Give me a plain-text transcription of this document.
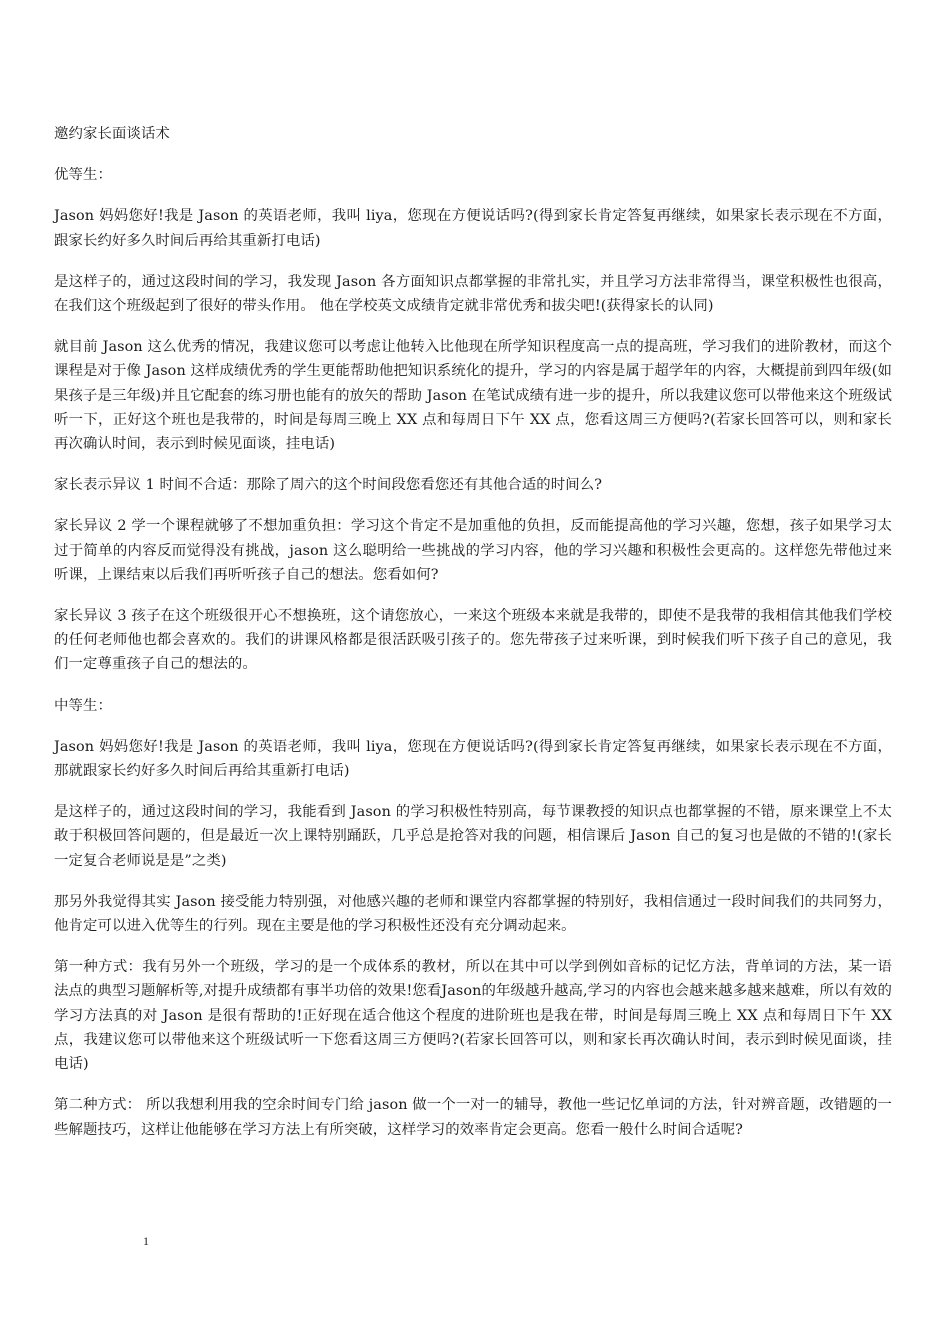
邀约家长面谈话术

优等生：

Jason 妈妈您好!我是 Jason 的英语老师，我叫 liya，您现在方便说话吗?(得到家长肯定答复再继续，如果家长表示现在不方面，跟家长约好多久时间后再给其重新打电话)

是这样子的，通过这段时间的学习，我发现 Jason 各方面知识点都掌握的非常扎实，并且学习方法非常得当，课堂积极性也很高，在我们这个班级起到了很好的带头作用。 他在学校英文成绩肯定就非常优秀和拔尖吧!(获得家长的认同)

就目前 Jason 这么优秀的情况，我建议您可以考虑让他转入比他现在所学知识程度高一点的提高班，学习我们的进阶教材，而这个课程是对于像 Jason 这样成绩优秀的学生更能帮助他把知识系统化的提升，学习的内容是属于超学年的内容，大概提前到四年级(如果孩子是三年级)并且它配套的练习册也能有的放矢的帮助 Jason 在笔试成绩有进一步的提升，所以我建议您可以带他来这个班级试听一下，正好这个班也是我带的，时间是每周三晚上 XX 点和每周日下午 XX 点，您看这周三方便吗?(若家长回答可以，则和家长再次确认时间，表示到时候见面谈，挂电话)

家长表示异议 1 时间不合适：那除了周六的这个时间段您看您还有其他合适的时间么?

家长异议 2 学一个课程就够了不想加重负担：学习这个肯定不是加重他的负担，反而能提高他的学习兴趣，您想，孩子如果学习太过于简单的内容反而觉得没有挑战，jason 这么聪明给一些挑战的学习内容，他的学习兴趣和积极性会更高的。这样您先带他过来听课，上课结束以后我们再听听孩子自己的想法。您看如何?

家长异议 3 孩子在这个班级很开心不想换班，这个请您放心，一来这个班级本来就是我带的，即使不是我带的我相信其他我们学校的任何老师他也都会喜欢的。我们的讲课风格都是很活跃吸引孩子的。您先带孩子过来听课，到时候我们听下孩子自己的意见，我们一定尊重孩子自己的想法的。

中等生：

Jason 妈妈您好!我是 Jason 的英语老师，我叫 liya，您现在方便说话吗?(得到家长肯定答复再继续，如果家长表示现在不方面，那就跟家长约好多久时间后再给其重新打电话)

是这样子的，通过这段时间的学习，我能看到 Jason 的学习积极性特别高，每节课教授的知识点也都掌握的不错，原来课堂上不太敢于积极回答问题的，但是最近一次上课特别踊跃，几乎总是抢答对我的问题，相信课后 Jason 自己的复习也是做的不错的!(家长一定复合老师说是是”之类)

那另外我觉得其实 Jason 接受能力特别强，对他感兴趣的老师和课堂内容都掌握的特别好，我相信通过一段时间我们的共同努力，他肯定可以进入优等生的行列。现在主要是他的学习积极性还没有充分调动起来。

第一种方式：我有另外一个班级，学习的是一个成体系的教材，所以在其中可以学到例如音标的记忆方法，背单词的方法，某一语法点的典型习题解析等,对提升成绩都有事半功倍的效果!您看Jason的年级越升越高,学习的内容也会越来越多越来越难，所以有效的学习方法真的对 Jason 是很有帮助的!正好现在适合他这个程度的进阶班也是我在带，时间是每周三晚上 XX 点和每周日下午 XX 点，我建议您可以带他来这个班级试听一下您看这周三方便吗?(若家长回答可以，则和家长再次确认时间，表示到时候见面谈，挂电话)

第二种方式： 所以我想利用我的空余时间专门给 jason 做一个一对一的辅导，教他一些记忆单词的方法，针对辨音题，改错题的一些解题技巧，这样让他能够在学习方法上有所突破，这样学习的效率肯定会更高。您看一般什么时间合适呢?

1
